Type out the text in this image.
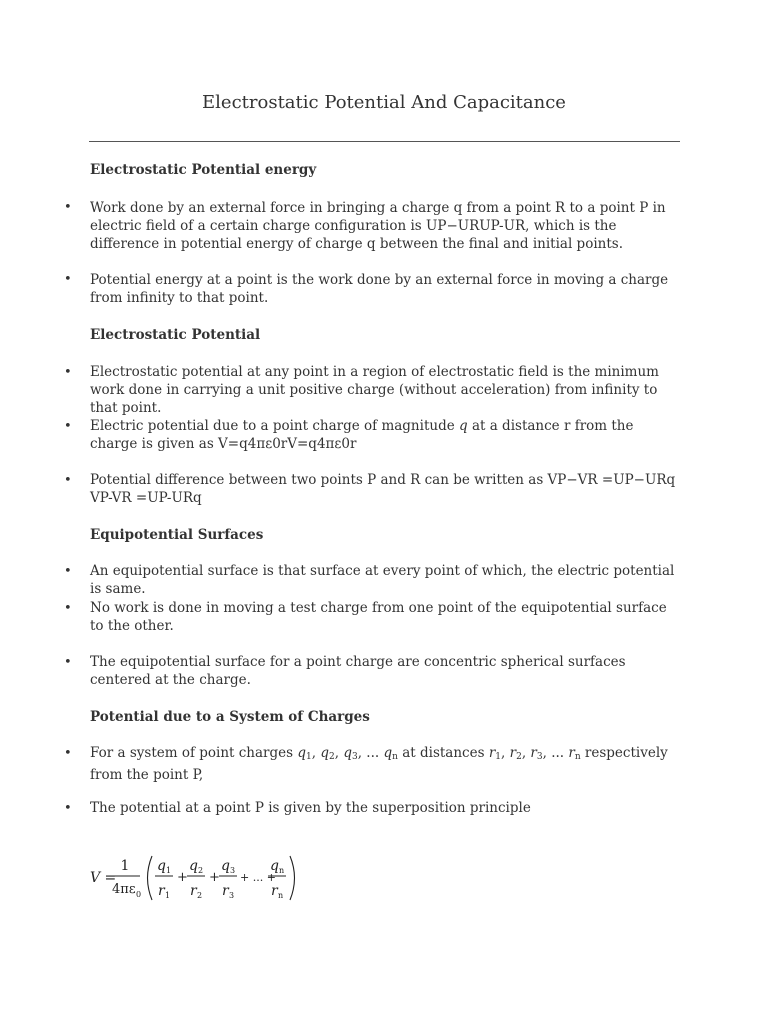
Electrostatic Potential And Capacitance
Electrostatic Potential energy
• Work done by an external force in bringing a charge q from a point R to a point P in electric field of a certain charge configuration is UP−URUP-UR, which is the difference in potential energy of charge q between the final and initial points.
• Potential energy at a point is the work done by an external force in moving a charge from infinity to that point.
Electrostatic Potential
• Electrostatic potential at any point in a region of electrostatic field is the minimum work done in carrying a unit positive charge (without acceleration) from infinity to that point.
• Electric potential due to a point charge of magnitude q at a distance r from the charge is given as V=q4πε0rV=q4πε0r
• Potential difference between two points P and R can be written as VP−VR =UP−URq VP-VR =UP-URq
Equipotential Surfaces
• An equipotential surface is that surface at every point of which, the electric potential is same.
• No work is done in moving a test charge from one point of the equipotential surface to the other.
• The equipotential surface for a point charge are concentric spherical surfaces centered at the charge.
Potential due to a System of Charges
• For a system of point charges $q_1$, $q_2$, $q_3$, ... $q_n$ at distances $r_1$, $r_2$, $r_3$, ... $r_n$ respectively from the point P,
• The potential at a point P is given by the superposition principle
V =
1
4πε 0
q 1
r 1
+
q 2
r 2
+
q 3
r 3
+ ... +
q n
r n
